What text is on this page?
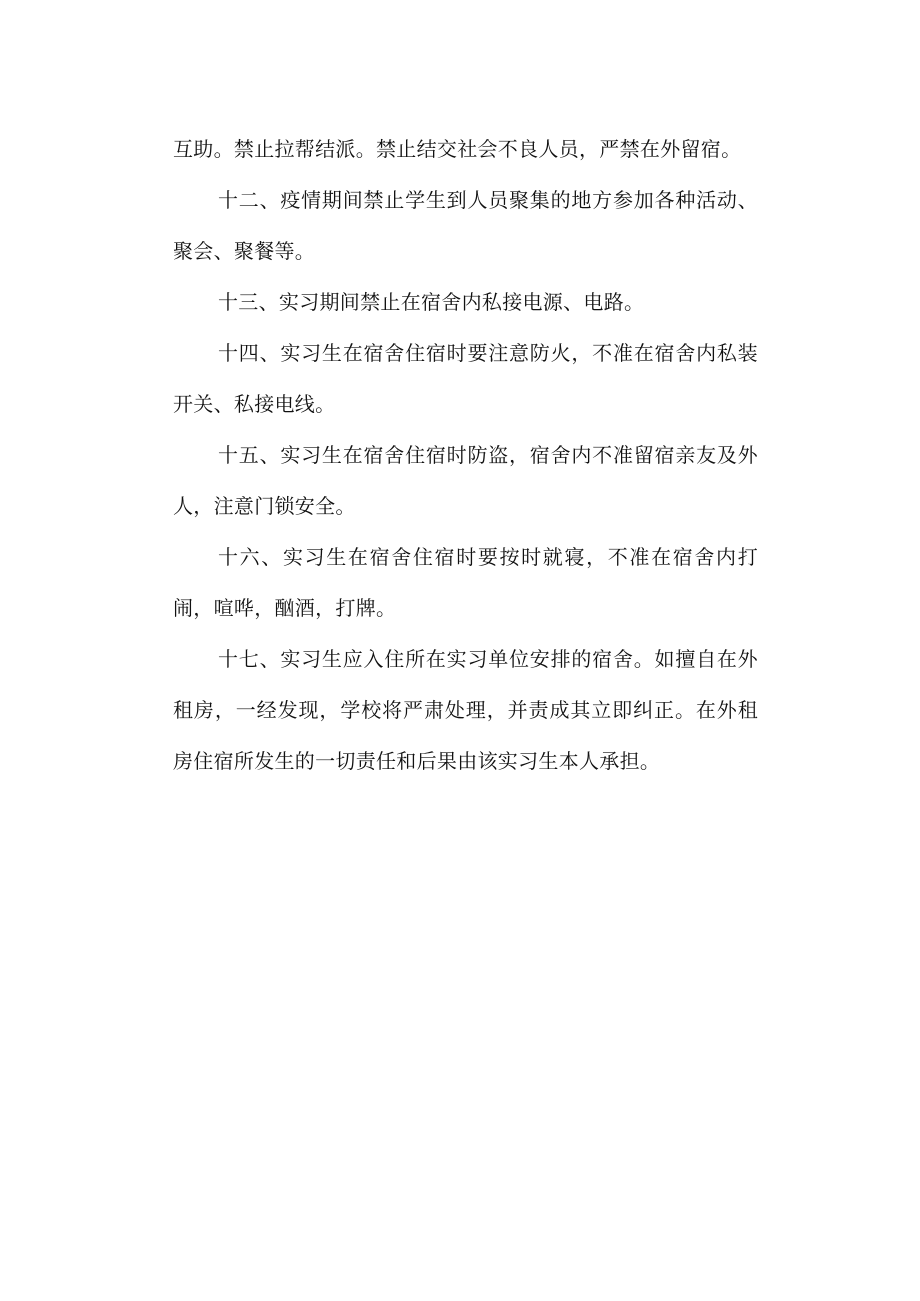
互助。禁止拉帮结派。禁止结交社会不良人员，严禁在外留宿。

十二、疫情期间禁止学生到人员聚集的地方参加各种活动、聚会、聚餐等。

十三、实习期间禁止在宿舍内私接电源、电路。

十四、实习生在宿舍住宿时要注意防火，不准在宿舍内私装开关、私接电线。

十五、实习生在宿舍住宿时防盗，宿舍内不准留宿亲友及外人，注意门锁安全。

十六、实习生在宿舍住宿时要按时就寝，不准在宿舍内打闹，喧哗，酗酒，打牌。

十七、实习生应入住所在实习单位安排的宿舍。如擅自在外租房，一经发现，学校将严肃处理，并责成其立即纠正。在外租房住宿所发生的一切责任和后果由该实习生本人承担。
